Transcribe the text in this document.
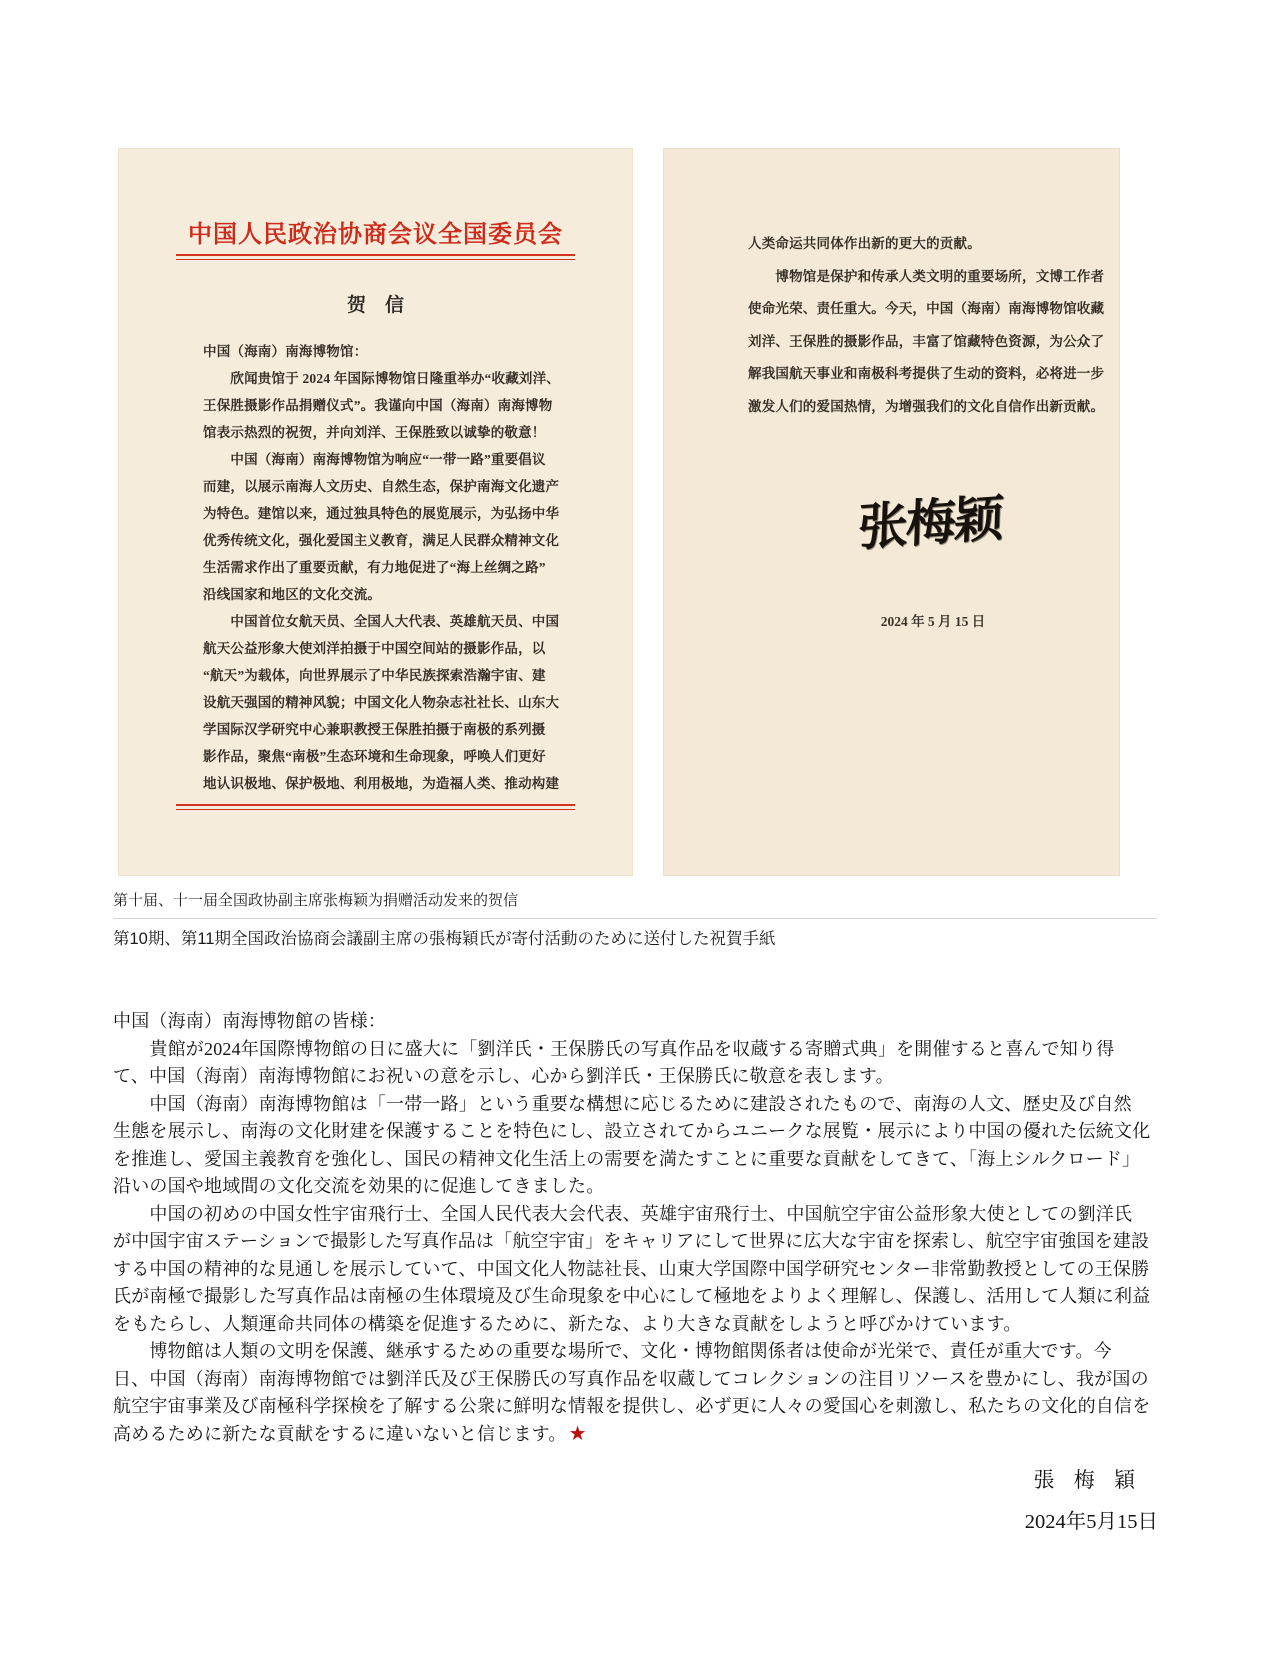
中国人民政治协商会议全国委员会
贺　信
中国（海南）南海博物馆：
　　欣闻贵馆于 2024 年国际博物馆日隆重举办“收藏刘洋、
王保胜摄影作品捐赠仪式”。我谨向中国（海南）南海博物
馆表示热烈的祝贺，并向刘洋、王保胜致以诚挚的敬意！
　　中国（海南）南海博物馆为响应“一带一路”重要倡议
而建，以展示南海人文历史、自然生态，保护南海文化遗产
为特色。建馆以来，通过独具特色的展览展示，为弘扬中华
优秀传统文化，强化爱国主义教育，满足人民群众精神文化
生活需求作出了重要贡献，有力地促进了“海上丝绸之路”
沿线国家和地区的文化交流。
　　中国首位女航天员、全国人大代表、英雄航天员、中国
航天公益形象大使刘洋拍摄于中国空间站的摄影作品，以
“航天”为载体，向世界展示了中华民族探索浩瀚宇宙、建
设航天强国的精神风貌；中国文化人物杂志社社长、山东大
学国际汉学研究中心兼职教授王保胜拍摄于南极的系列摄
影作品，聚焦“南极”生态环境和生命现象，呼唤人们更好
地认识极地、保护极地、利用极地，为造福人类、推动构建
人类命运共同体作出新的更大的贡献。
　　博物馆是保护和传承人类文明的重要场所，文博工作者
使命光荣、责任重大。今天，中国（海南）南海博物馆收藏
刘洋、王保胜的摄影作品，丰富了馆藏特色资源，为公众了
解我国航天事业和南极科考提供了生动的资料，必将进一步
激发人们的爱国热情，为增强我们的文化自信作出新贡献。
张梅颖
2024 年 5 月 15 日
第十届、十一届全国政协副主席张梅颖为捐赠活动发来的贺信
第10期、第11期全国政治協商会議副主席の張梅穎氏が寄付活動のために送付した祝賀手紙
中国（海南）南海博物館の皆様：
　　貴館が2024年国際博物館の日に盛大に「劉洋氏・王保勝氏の写真作品を収蔵する寄贈式典」を開催すると喜んで知り得
て、中国（海南）南海博物館にお祝いの意を示し、心から劉洋氏・王保勝氏に敬意を表します。
　　中国（海南）南海博物館は「一帯一路」という重要な構想に応じるために建設されたもので、南海の人文、歴史及び自然
生態を展示し、南海の文化財建を保護することを特色にし、設立されてからユニークな展覧・展示により中国の優れた伝統文化
を推進し、愛国主義教育を強化し、国民の精神文化生活上の需要を満たすことに重要な貢献をしてきて、「海上シルクロード」
沿いの国や地域間の文化交流を効果的に促進してきました。
　　中国の初めの中国女性宇宙飛行士、全国人民代表大会代表、英雄宇宙飛行士、中国航空宇宙公益形象大使としての劉洋氏
が中国宇宙ステーションで撮影した写真作品は「航空宇宙」をキャリアにして世界に広大な宇宙を探索し、航空宇宙強国を建設
する中国の精神的な見通しを展示していて、中国文化人物誌社長、山東大学国際中国学研究センター非常勤教授としての王保勝
氏が南極で撮影した写真作品は南極の生体環境及び生命現象を中心にして極地をよりよく理解し、保護し、活用して人類に利益
をもたらし、人類運命共同体の構築を促進するために、新たな、より大きな貢献をしようと呼びかけています。
　　博物館は人類の文明を保護、継承するための重要な場所で、文化・博物館関係者は使命が光栄で、責任が重大です。今
日、中国（海南）南海博物館では劉洋氏及び王保勝氏の写真作品を収蔵してコレクションの注目リソースを豊かにし、我が国の
航空宇宙事業及び南極科学探検を了解する公衆に鮮明な情報を提供し、必ず更に人々の愛国心を刺激し、私たちの文化的自信を
高めるために新たな貢献をするに違いないと信じます。 ★
張 梅 穎
2024年5月15日
